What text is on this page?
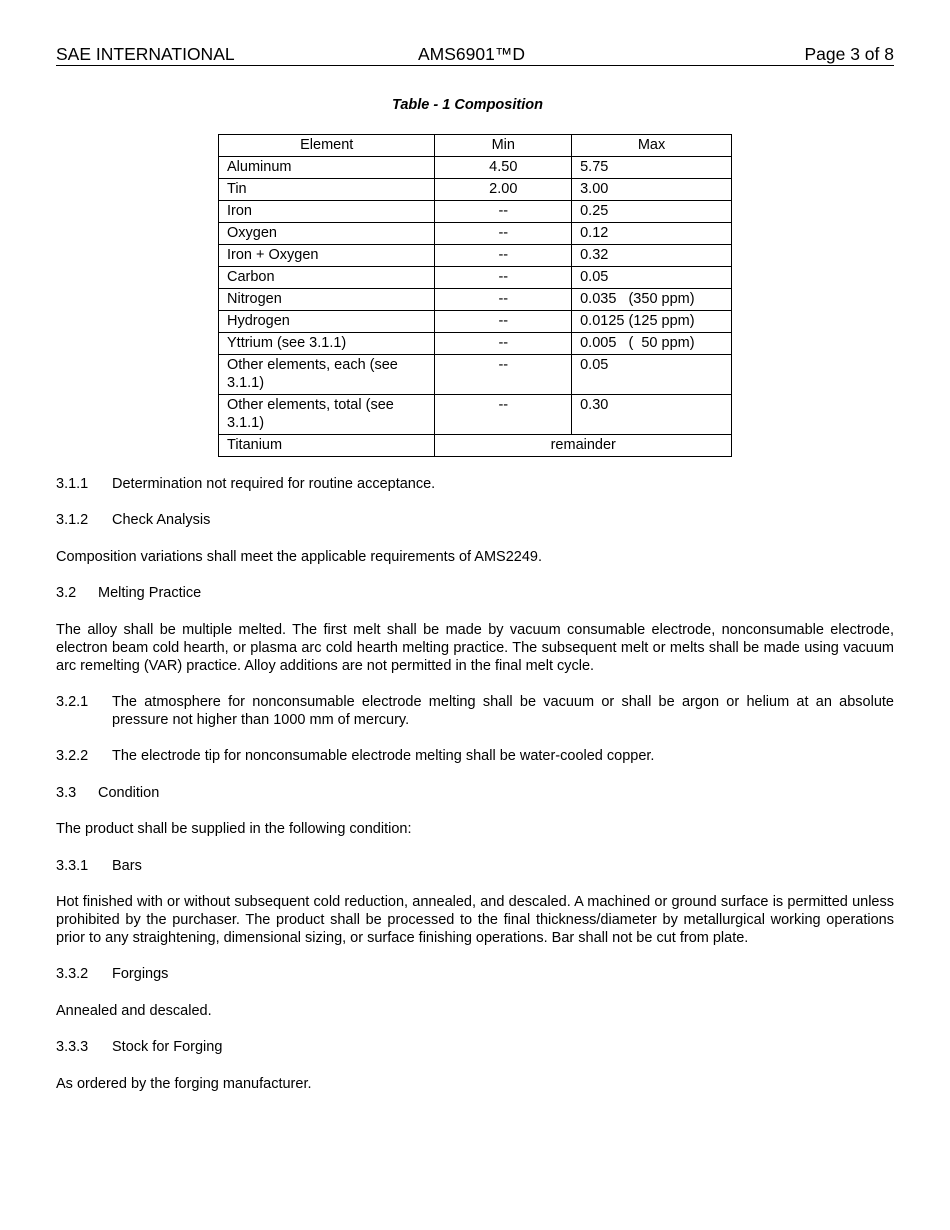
SAE INTERNATIONAL	AMS6901™D	Page 3 of 8
Table - 1 Composition
Element	Min	Max
Aluminum	4.50	5.75
Tin	2.00	3.00
Iron	--	0.25
Oxygen	--	0.12
Iron + Oxygen	--	0.32
Carbon	--	0.05
Nitrogen	--	0.035   (350 ppm)
Hydrogen	--	0.0125 (125 ppm)
Yttrium (see 3.1.1)	--	0.005   (  50 ppm)
Other elements, each (see 3.1.1)	--	0.05
Other elements, total (see 3.1.1)	--	0.30
Titanium	remainder	
3.1.1 Determination not required for routine acceptance.
3.1.2 Check Analysis

Composition variations shall meet the applicable requirements of AMS2249.

3.2 Melting Practice

The alloy shall be multiple melted. The first melt shall be made by vacuum consumable electrode, nonconsumable electrode, electron beam cold hearth, or plasma arc cold hearth melting practice. The subsequent melt or melts shall be made using vacuum arc remelting (VAR) practice. Alloy additions are not permitted in the final melt cycle.

3.2.1 The atmosphere for nonconsumable electrode melting shall be vacuum or shall be argon or helium at an absolute pressure not higher than 1000 mm of mercury.
3.2.2 The electrode tip for nonconsumable electrode melting shall be water-cooled copper.
3.3 Condition

The product shall be supplied in the following condition:

3.3.1 Bars

Hot finished with or without subsequent cold reduction, annealed, and descaled. A machined or ground surface is permitted unless prohibited by the purchaser. The product shall be processed to the final thickness/diameter by metallurgical working operations prior to any straightening, dimensional sizing, or surface finishing operations. Bar shall not be cut from plate.

3.3.2 Forgings

Annealed and descaled.

3.3.3 Stock for Forging

As ordered by the forging manufacturer.
